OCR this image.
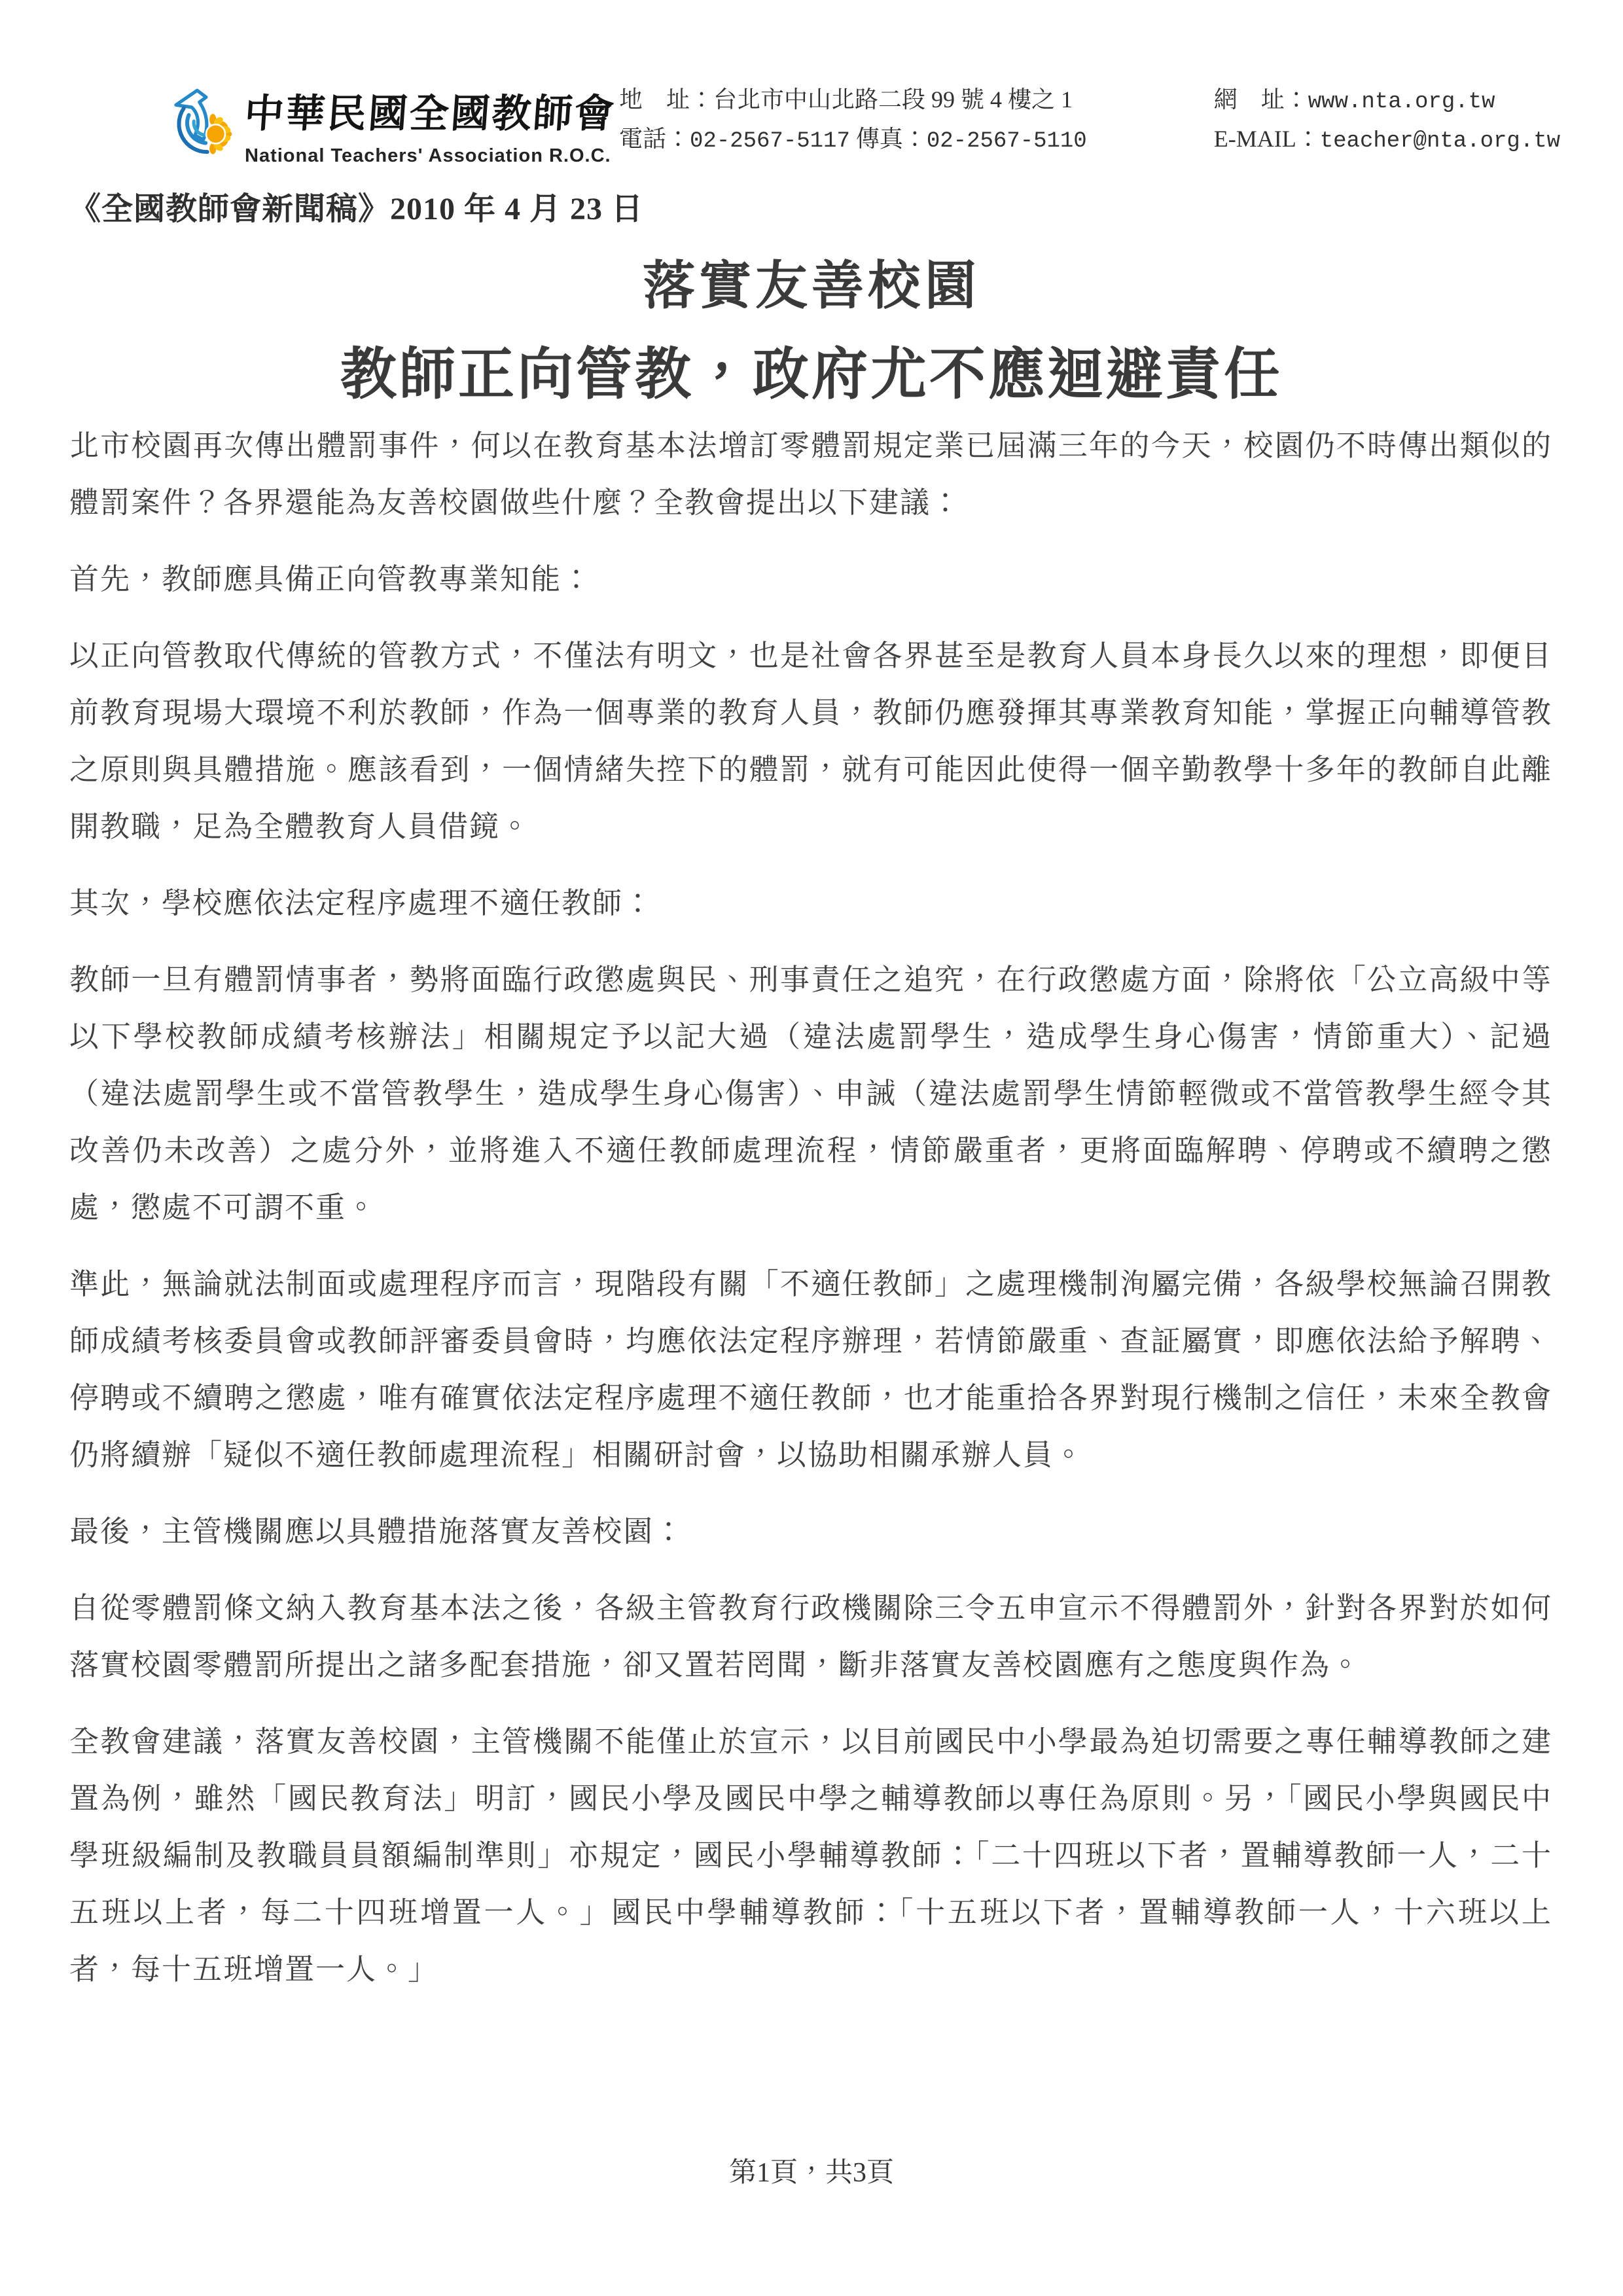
中華民國全國教師會
National Teachers' Association R.O.C.
地　址：台北市中山北路二段 99 號 4 樓之 1	網　址：www.nta.org.tw
電話：02-2567-5117 傳真：02-2567-5110	E-MAIL：teacher@nta.org.tw
《全國教師會新聞稿》2010 年 4 月 23 日
落實友善校園
教師正向管教，政府尤不應迴避責任

北市校園再次傳出體罰事件，何以在教育基本法增訂零體罰規定業已屆滿三年的今天，校園仍不時傳出類似的體罰案件？各界還能為友善校園做些什麼？全教會提出以下建議：

首先，教師應具備正向管教專業知能：

以正向管教取代傳統的管教方式，不僅法有明文，也是社會各界甚至是教育人員本身長久以來的理想，即便目前教育現場大環境不利於教師，作為一個專業的教育人員，教師仍應發揮其專業教育知能，掌握正向輔導管教之原則與具體措施。應該看到，一個情緒失控下的體罰，就有可能因此使得一個辛勤教學十多年的教師自此離開教職，足為全體教育人員借鏡。

其次，學校應依法定程序處理不適任教師：

教師一旦有體罰情事者，勢將面臨行政懲處與民、刑事責任之追究，在行政懲處方面，除將依「公立高級中等以下學校教師成績考核辦法」相關規定予以記大過（違法處罰學生，造成學生身心傷害，情節重大）、記過（違法處罰學生或不當管教學生，造成學生身心傷害）、申誡（違法處罰學生情節輕微或不當管教學生經令其改善仍未改善）之處分外，並將進入不適任教師處理流程，情節嚴重者，更將面臨解聘、停聘或不續聘之懲處，懲處不可謂不重。

準此，無論就法制面或處理程序而言，現階段有關「不適任教師」之處理機制洵屬完備，各級學校無論召開教師成績考核委員會或教師評審委員會時，均應依法定程序辦理，若情節嚴重、查証屬實，即應依法給予解聘、停聘或不續聘之懲處，唯有確實依法定程序處理不適任教師，也才能重拾各界對現行機制之信任，未來全教會仍將續辦「疑似不適任教師處理流程」相關研討會，以協助相關承辦人員。

最後，主管機關應以具體措施落實友善校園：

自從零體罰條文納入教育基本法之後，各級主管教育行政機關除三令五申宣示不得體罰外，針對各界對於如何落實校園零體罰所提出之諸多配套措施，卻又置若罔聞，斷非落實友善校園應有之態度與作為。

全教會建議，落實友善校園，主管機關不能僅止於宣示，以目前國民中小學最為迫切需要之專任輔導教師之建置為例，雖然「國民教育法」明訂，國民小學及國民中學之輔導教師以專任為原則。另，「國民小學與國民中學班級編制及教職員員額編制準則」亦規定，國民小學輔導教師：「二十四班以下者，置輔導教師一人，二十五班以上者，每二十四班增置一人。」國民中學輔導教師：「十五班以下者，置輔導教師一人，十六班以上者，每十五班增置一人。」

第1頁，共3頁
